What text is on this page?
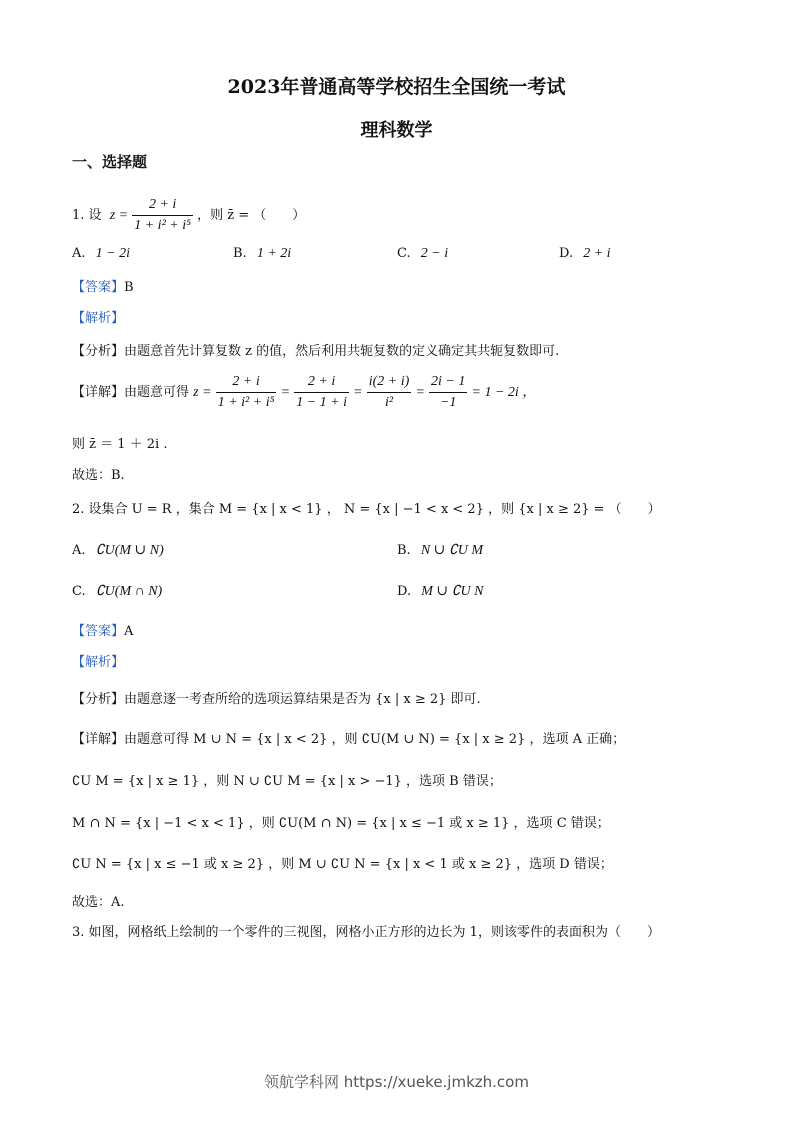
2023年普通高等学校招生全国统一考试
理科数学
一、选择题
1. 设 $z = \frac{2 + i}{\text{1 + i² + i⁵}}$ ，则 z̄ = （　　）
A. 1 − 2i	B. 1 + 2i	C. 2 − i	D. 2 + i
【答案】B
【解析】
【分析】由题意首先计算复数 z 的值，然后利用共轭复数的定义确定其共轭复数即可.
【详解】由题意可得 $z = \frac{2 + i}{\text{1 + i² + i⁵}} = \frac{2 + i}{1 - 1 + i} = \frac{i(2 + i)}{\text{i²}} = \frac{2i - 1}{-1} = 1 - 2i$ ，
则 z̄ ＝ 1 ＋ 2i .
故选：B.
2. 设集合 U = R ，集合 M = {x | x < 1} ， N = {x | −1 < x < 2} ，则 {x | x ≥ 2} = （　　）
A. ∁U(M ∪ N)	B. N ∪ ∁U M
C. ∁U(M ∩ N)	D. M ∪ ∁U N
【答案】A
【解析】
【分析】由题意逐一考查所给的选项运算结果是否为 {x | x ≥ 2} 即可.
【详解】由题意可得 M ∪ N = {x | x < 2} ，则 ∁U(M ∪ N) = {x | x ≥ 2} ，选项 A 正确；
∁U M = {x | x ≥ 1} ，则 N ∪ ∁U M = {x | x > −1} ，选项 B 错误；
M ∩ N = {x | −1 < x < 1} ，则 ∁U(M ∩ N) = {x | x ≤ −1 或 x ≥ 1} ，选项 C 错误；
∁U N = {x | x ≤ −1 或 x ≥ 2} ，则 M ∪ ∁U N = {x | x < 1 或 x ≥ 2} ，选项 D 错误；
故选：A.
3. 如图，网格纸上绘制的一个零件的三视图，网格小正方形的边长为 1，则该零件的表面积为（　　）
领航学科网 https://xueke.jmkzh.com
